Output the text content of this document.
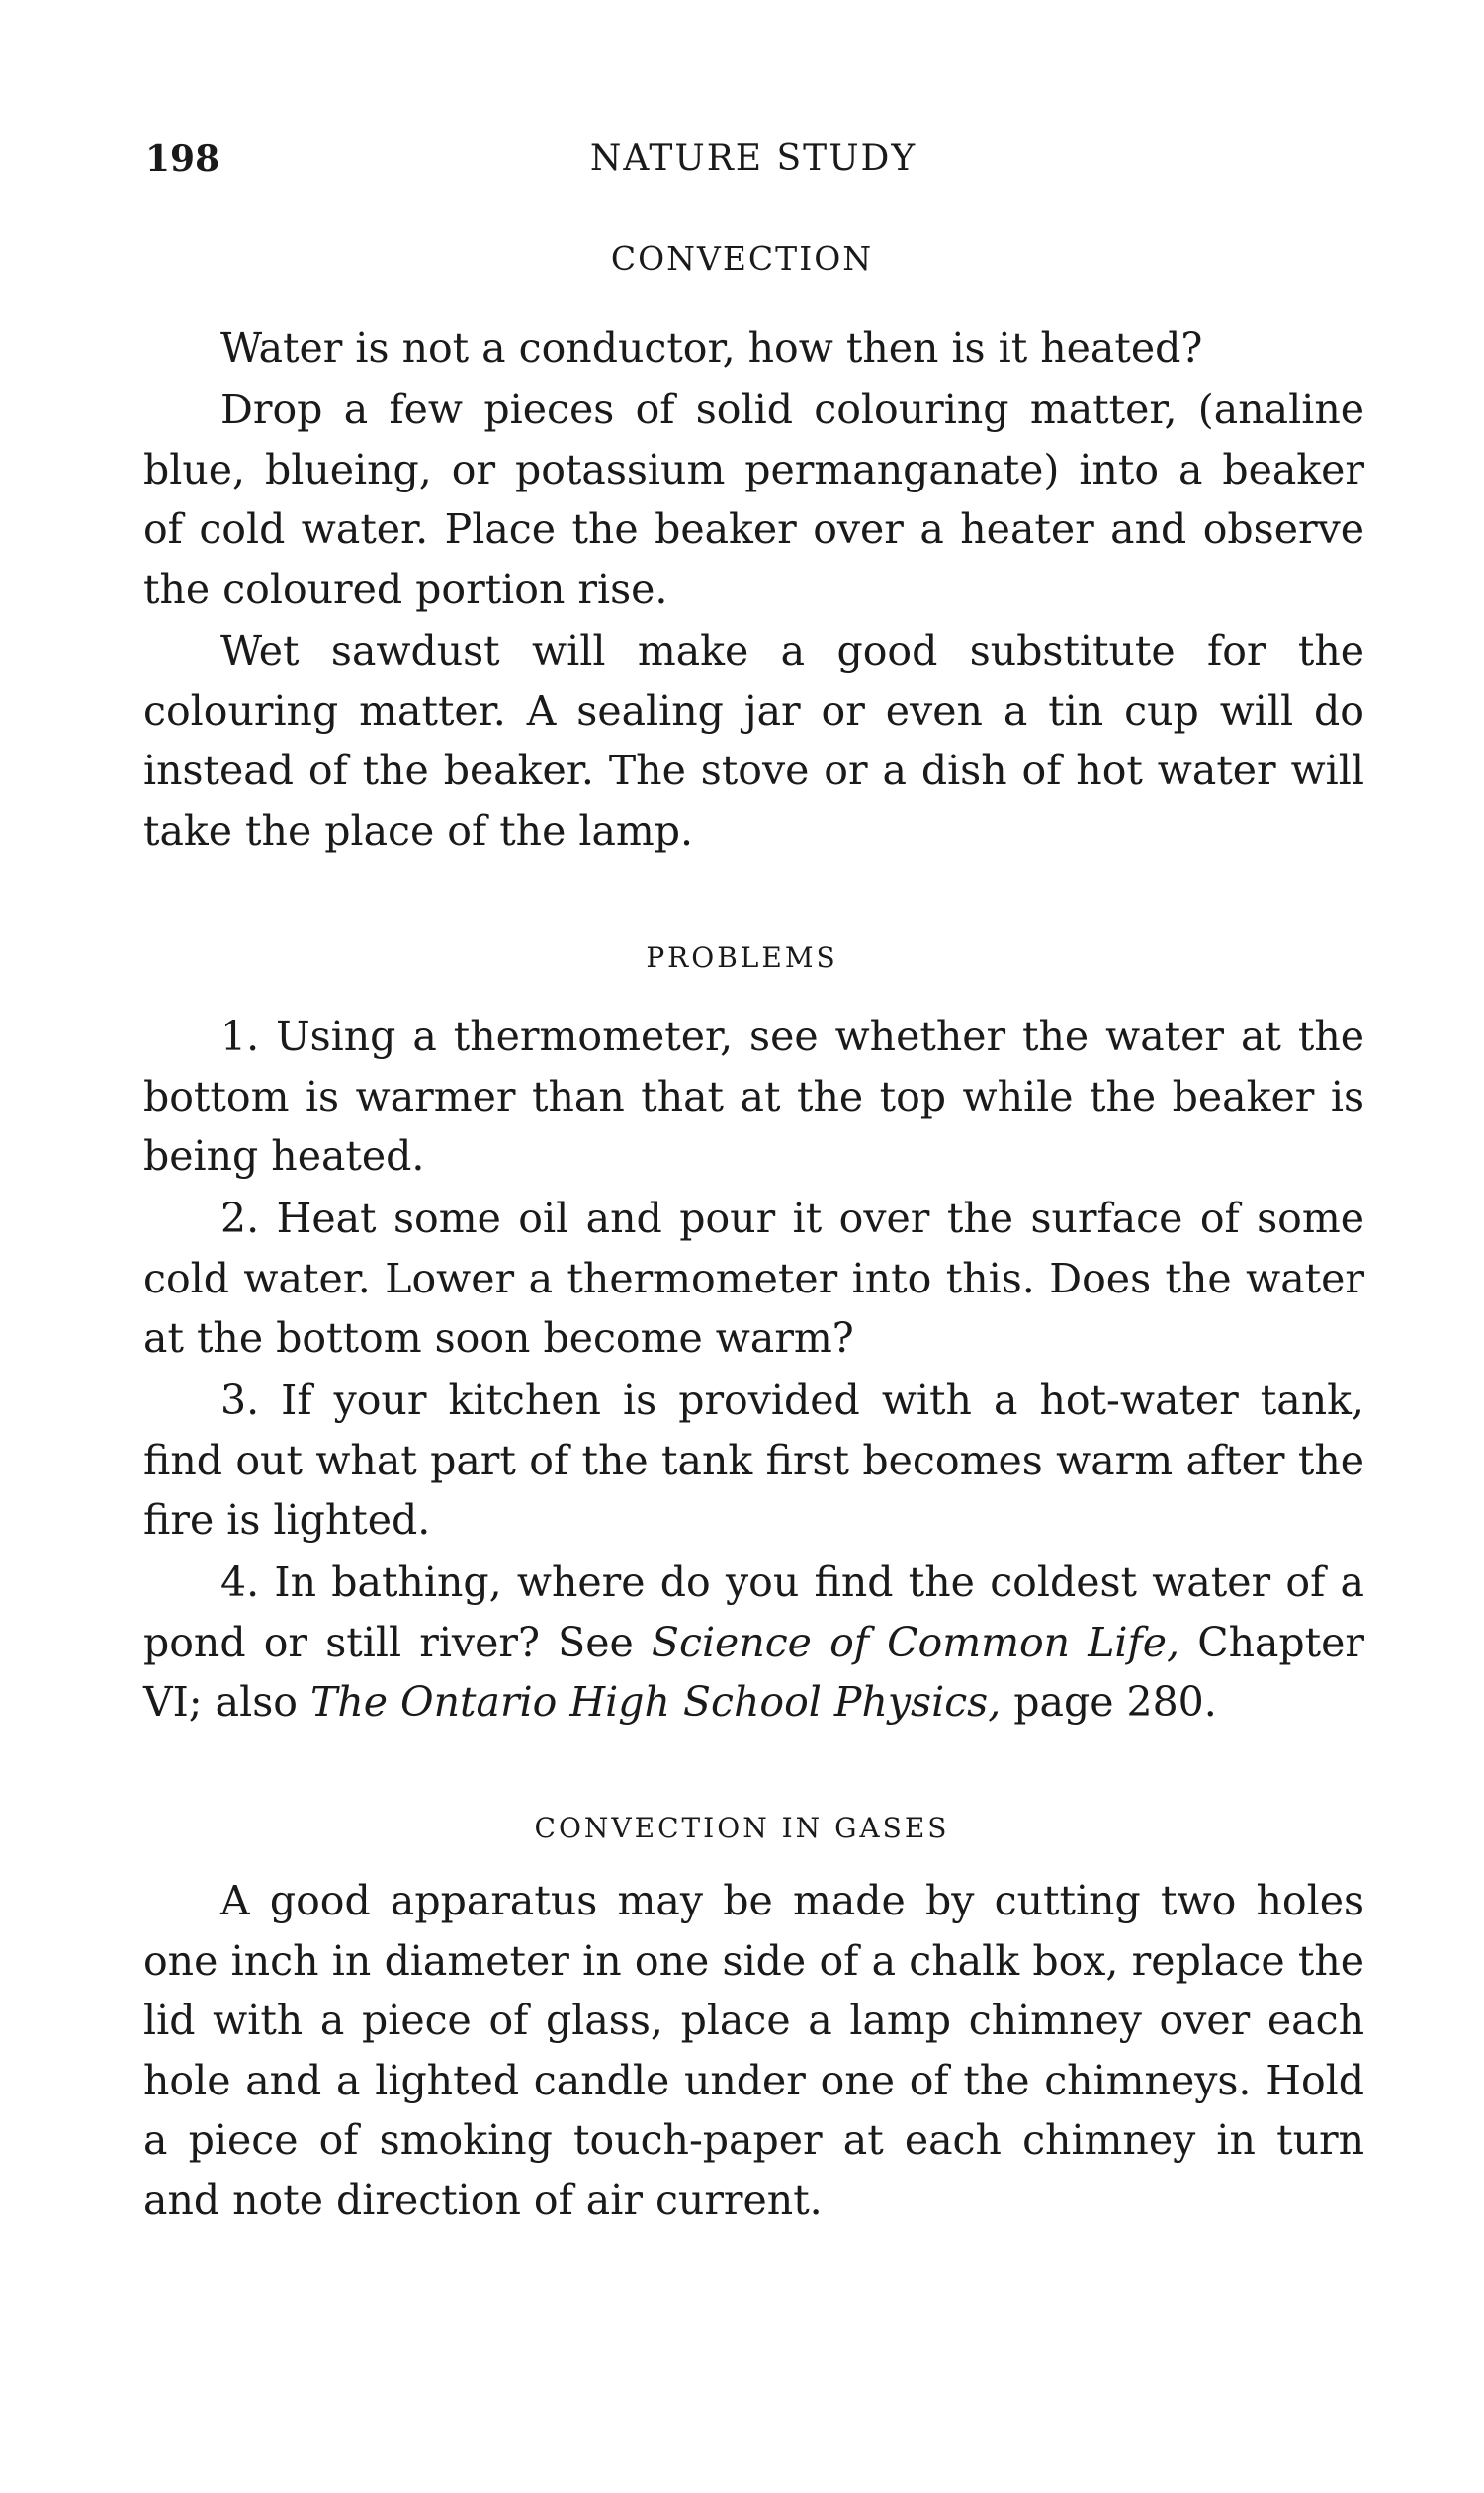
198	NATURE STUDY
CONVECTION

Water is not a conductor, how then is it heated?

Drop a few pieces of solid colouring matter, (analine blue, blueing, or potassium permanganate) into a beaker of cold water. Place the beaker over a heater and observe the coloured portion rise.

Wet sawdust will make a good substitute for the colouring matter. A sealing jar or even a tin cup will do instead of the beaker. The stove or a dish of hot water will take the place of the lamp.

PROBLEMS

1. Using a thermometer, see whether the water at the bottom is warmer than that at the top while the beaker is being heated.

2. Heat some oil and pour it over the surface of some cold water. Lower a thermometer into this. Does the water at the bottom soon become warm?

3. If your kitchen is provided with a hot-water tank, find out what part of the tank first becomes warm after the fire is lighted.

4. In bathing, where do you find the coldest water of a pond or still river? See Science of Common Life, Chapter VI; also The Ontario High School Physics, page 280.

CONVECTION IN GASES

A good apparatus may be made by cutting two holes one inch in diameter in one side of a chalk box, replace the lid with a piece of glass, place a lamp chimney over each hole and a lighted candle under one of the chimneys. Hold a piece of smoking touch-paper at each chimney in turn and note direction of air current.
